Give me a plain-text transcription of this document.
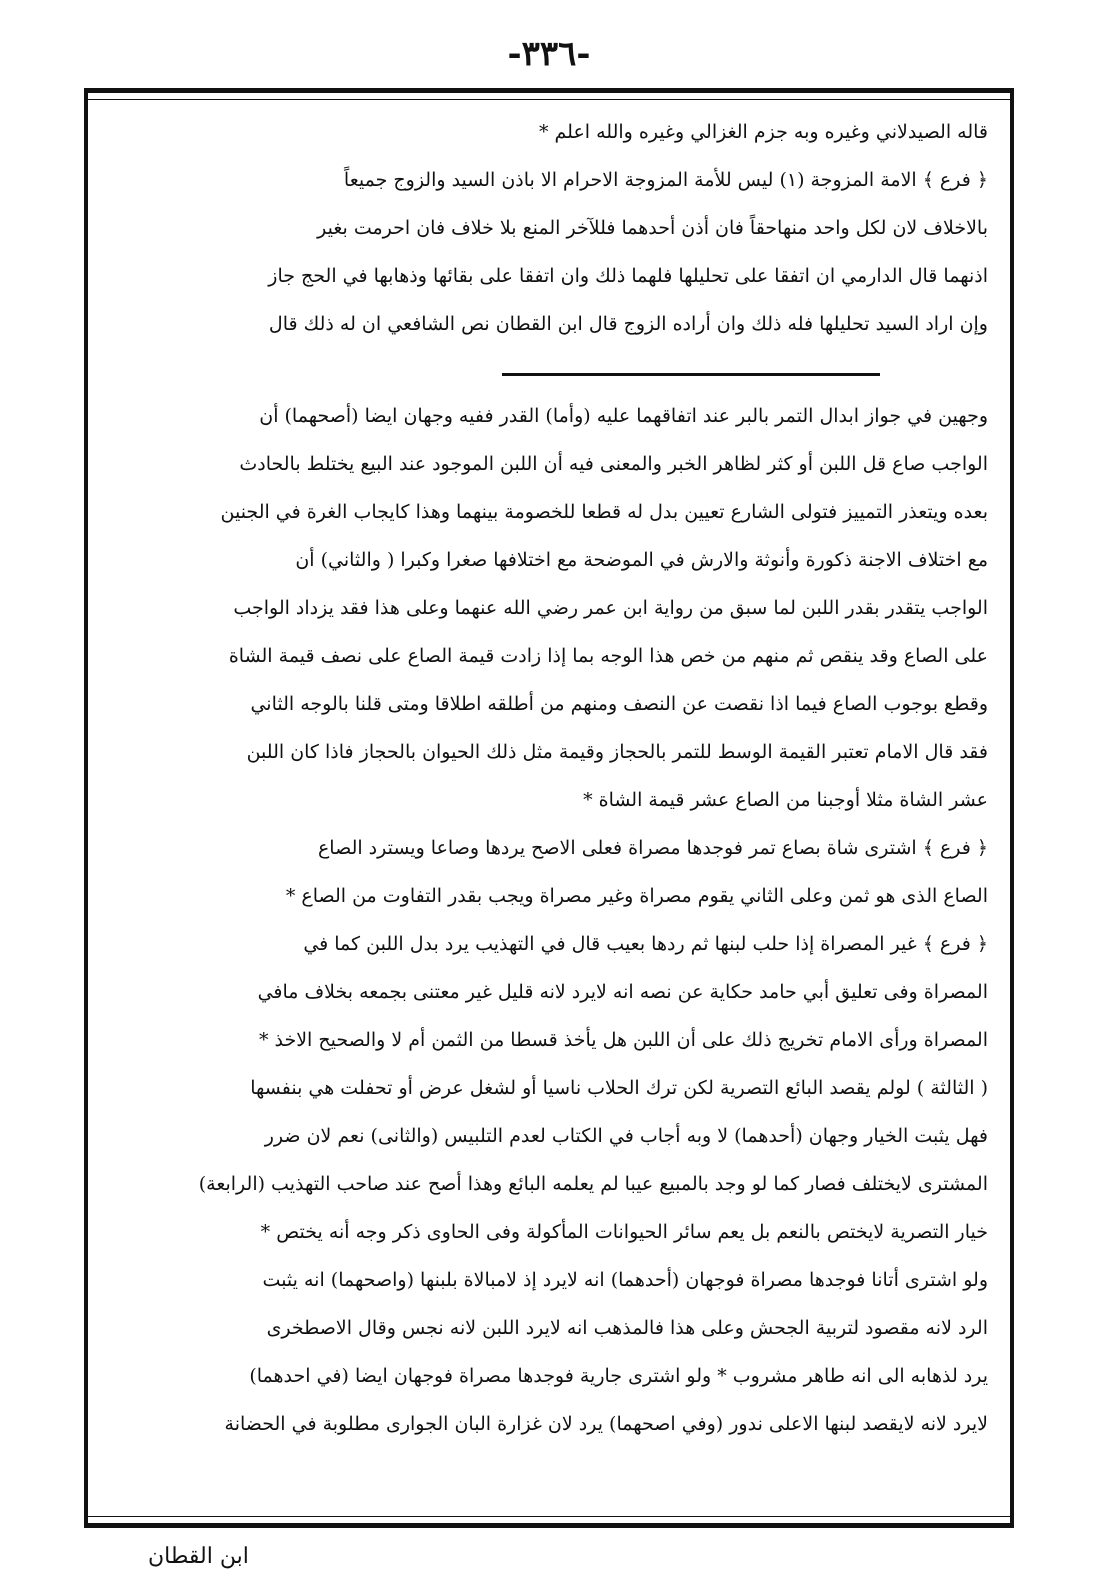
-٣٣٦-
قاله الصيدلاني وغيره وبه جزم الغزالي وغيره والله اعلم *
﴿ فرع ﴾ الامة المزوجة (١) ليس للأمة المزوجة الاحرام الا باذن السيد والزوج جميعاً
بالاخلاف لان لكل واحد منهاحقاً فان أذن أحدهما فللآخر المنع بلا خلاف فان احرمت بغير
اذنهما قال الدارمي ان اتفقا على تحليلها فلهما ذلك وان اتفقا على بقائها وذهابها في الحج جاز
وإن اراد السيد تحليلها فله ذلك وان أراده الزوج قال ابن القطان نص الشافعي ان له ذلك قال
وجهين في جواز ابدال التمر بالبر عند اتفاقهما عليه (وأما) القدر ففيه وجهان ايضا (أصحهما) أن
الواجب صاع قل اللبن أو كثر لظاهر الخبر والمعنى فيه أن اللبن الموجود عند البيع يختلط بالحادث
بعده ويتعذر التمييز فتولى الشارع تعيين بدل له قطعا للخصومة بينهما وهذا كايجاب الغرة في الجنين
مع اختلاف الاجنة ذكورة وأنوثة والارش في الموضحة مع اختلافها صغرا وكبرا ( والثاني) أن
الواجب يتقدر بقدر اللبن لما سبق من رواية ابن عمر رضي الله عنهما وعلى هذا فقد يزداد الواجب
على الصاع وقد ينقص ثم منهم من خص هذا الوجه بما إذا زادت قيمة الصاع على نصف قيمة الشاة
وقطع بوجوب الصاع فيما اذا نقصت عن النصف ومنهم من أطلقه اطلاقا ومتى قلنا بالوجه الثاني
فقد قال الامام تعتبر القيمة الوسط للتمر بالحجاز وقيمة مثل ذلك الحيوان بالحجاز فاذا كان اللبن
عشر الشاة مثلا أوجبنا من الصاع عشر قيمة الشاة *
﴿ فرع ﴾ اشترى شاة بصاع تمر فوجدها مصراة فعلى الاصح يردها وصاعا ويسترد الصاع
الصاع الذى هو ثمن وعلى الثاني يقوم مصراة وغير مصراة ويجب بقدر التفاوت من الصاع *
﴿ فرع ﴾ غير المصراة إذا حلب لبنها ثم ردها بعيب قال في التهذيب يرد بدل اللبن كما في
المصراة وفى تعليق أبي حامد حكاية عن نصه انه لايرد لانه قليل غير معتنى بجمعه بخلاف مافي
المصراة ورأى الامام تخريج ذلك على أن اللبن هل يأخذ قسطا من الثمن أم لا والصحيح الاخذ *
( الثالثة ) لولم يقصد البائع التصرية لكن ترك الحلاب ناسيا أو لشغل عرض أو تحفلت هي بنفسها
فهل يثبت الخيار وجهان (أحدهما) لا وبه أجاب في الكتاب لعدم التلبيس (والثانى) نعم لان ضرر
المشترى لايختلف فصار كما لو وجد بالمبيع عيبا لم يعلمه البائع وهذا أصح عند صاحب التهذيب (الرابعة)
خيار التصرية لايختص بالنعم بل يعم سائر الحيوانات المأكولة وفى الحاوى ذكر وجه أنه يختص *
ولو اشترى أتانا فوجدها مصراة فوجهان (أحدهما) انه لايرد إذ لامبالاة بلبنها (واصحهما) انه يثبت
الرد لانه مقصود لتربية الجحش وعلى هذا فالمذهب انه لايرد اللبن لانه نجس وقال الاصطخرى
يرد لذهابه الى انه طاهر مشروب * ولو اشترى جارية فوجدها مصراة فوجهان ايضا (في احدهما)
لايرد لانه لايقصد لبنها الاعلى ندور (وفي اصحهما) يرد لان غزارة البان الجوارى مطلوبة في الحضانة
ابن القطان
